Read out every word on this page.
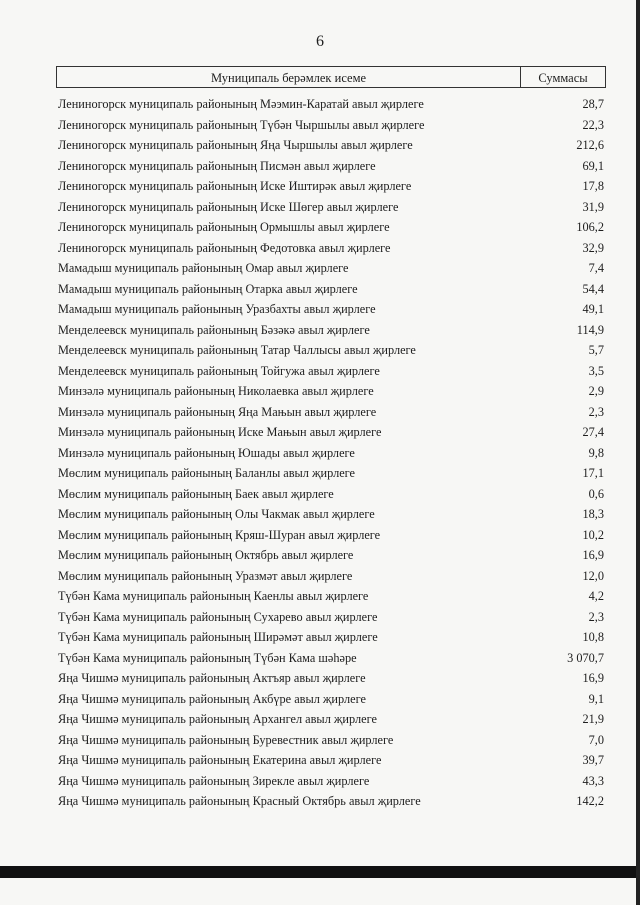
6
Муниципаль берәмлек исеме	Суммасы
Лениногорск муниципаль районының Мәэмин-Каратай авыл җирлеге	28,7
Лениногорск муниципаль районының Түбән Чыршылы авыл җирлеге	22,3
Лениногорск муниципаль районының Яңа Чыршылы авыл җирлеге	212,6
Лениногорск муниципаль районының Писмән авыл җирлеге	69,1
Лениногорск муниципаль районының Иске Иштирәк авыл җирлеге	17,8
Лениногорск муниципаль районының Иске Шөгер авыл җирлеге	31,9
Лениногорск муниципаль районының Ормышлы авыл җирлеге	106,2
Лениногорск муниципаль районының Федотовка авыл җирлеге	32,9
Мамадыш муниципаль районының Омар авыл җирлеге	7,4
Мамадыш муниципаль районының Отарка авыл җирлеге	54,4
Мамадыш муниципаль районының Уразбахты авыл җирлеге	49,1
Менделеевск муниципаль районының Бәзәкә авыл җирлеге	114,9
Менделеевск муниципаль районының Татар Чаллысы авыл җирлеге	5,7
Менделеевск муниципаль районының Тойгужа авыл җирлеге	3,5
Минзәлә муниципаль районының Николаевка авыл җирлеге	2,9
Минзәлә муниципаль районының Яңа Мањын авыл җирлеге	2,3
Минзәлә муниципаль районының Иске Мањын авыл җирлеге	27,4
Минзәлә муниципаль районының Юшады авыл җирлеге	9,8
Мөслим муниципаль районының Баланлы авыл җирлеге	17,1
Мөслим муниципаль районының Баек авыл җирлеге	0,6
Мөслим муниципаль районының Олы Чакмак авыл җирлеге	18,3
Мөслим муниципаль районының Кряш-Шуран авыл җирлеге	10,2
Мөслим муниципаль районының Октябрь авыл җирлеге	16,9
Мөслим муниципаль районының Уразмәт авыл җирлеге	12,0
Түбән Кама муниципаль районының Каенлы авыл җирлеге	4,2
Түбән Кама муниципаль районының Сухарево авыл җирлеге	2,3
Түбән Кама муниципаль районының Ширәмәт авыл җирлеге	10,8
Түбән Кама муниципаль районының Түбән Кама шәһәре	3 070,7
Яңа Чишмә муниципаль районының Актъяр авыл җирлеге	16,9
Яңа Чишмә муниципаль районының Акбүре авыл җирлеге	9,1
Яңа Чишмә муниципаль районының Архангел авыл җирлеге	21,9
Яңа Чишмә муниципаль районының Буревестник авыл җирлеге	7,0
Яңа Чишмә муниципаль районының Екатерина авыл җирлеге	39,7
Яңа Чишмә муниципаль районының Зирекле авыл җирлеге	43,3
Яңа Чишмә муниципаль районының Красный Октябрь авыл җирлеге	142,2
